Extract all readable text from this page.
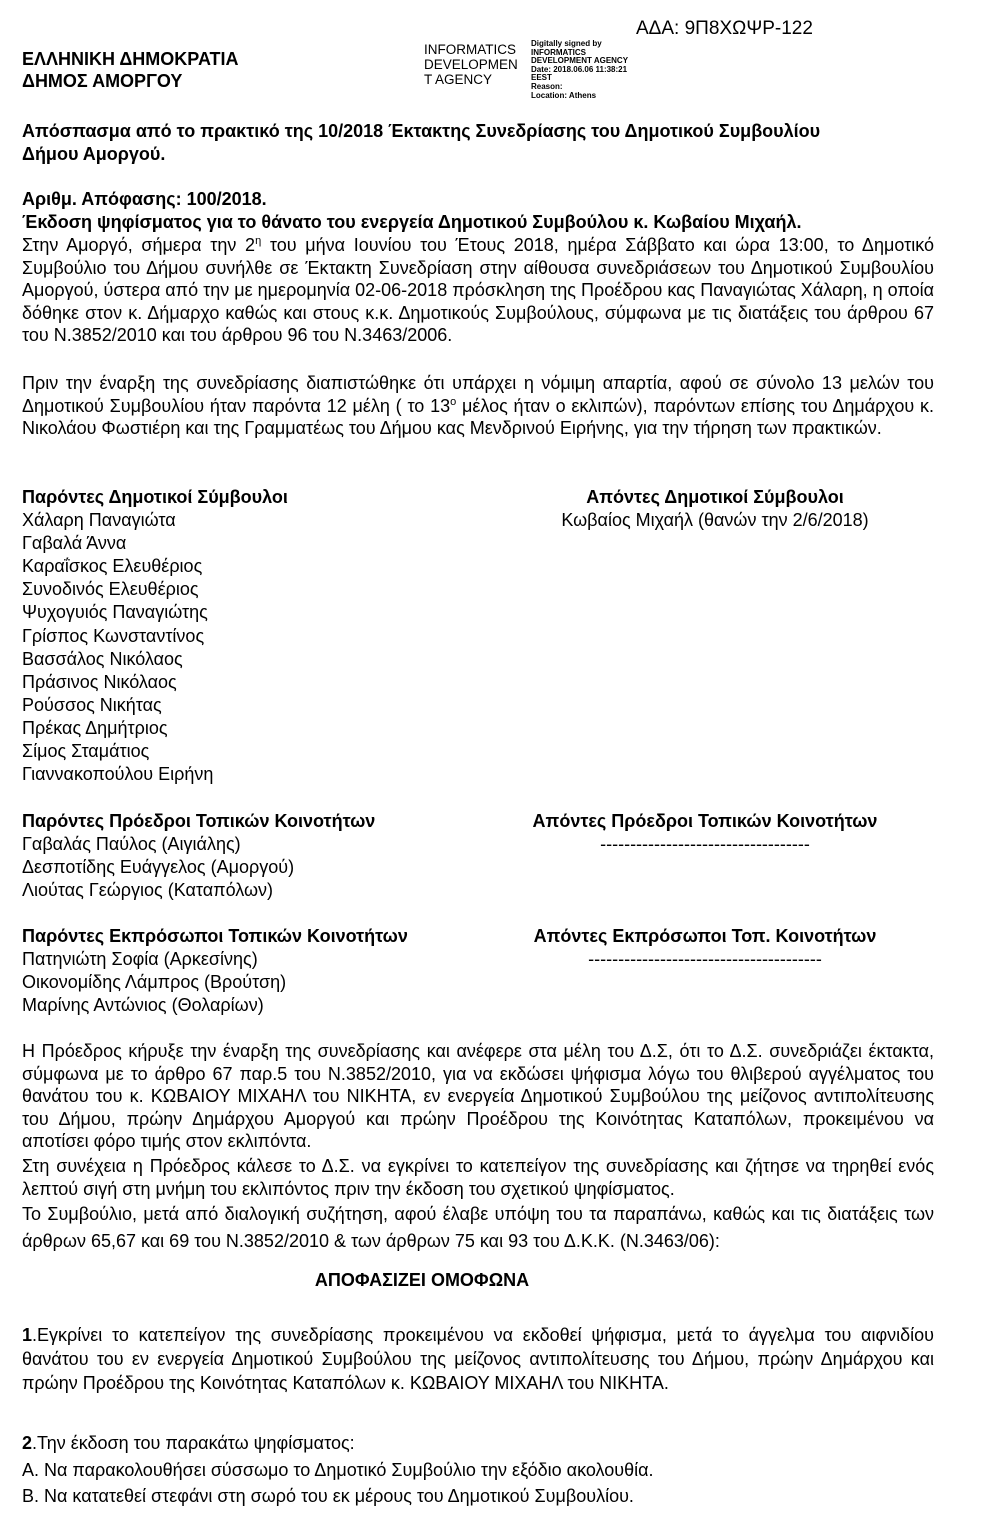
ΑΔΑ: 9Π8ΧΩΨΡ-122
ΕΛΛΗΝΙΚΗ ΔΗΜΟΚΡΑΤΙΑ
ΔΗΜΟΣ ΑΜΟΡΓΟΥ
INFORMATICS
DEVELOPMEN
T AGENCY
Digitally signed by
INFORMATICS
DEVELOPMENT AGENCY
Date: 2018.06.06 11:38:21
EEST
Reason:
Location: Athens
Απόσπασμα από το πρακτικό της 10/2018 Έκτακτης Συνεδρίασης του Δημοτικού Συμβουλίου
Δήμου Αμοργού.
Αριθμ. Απόφασης: 100/2018.
Έκδοση ψηφίσματος για το θάνατο του ενεργεία Δημοτικού Συμβούλου κ. Κωβαίου Μιχαήλ.
Στην Αμοργό, σήμερα την $2^\eta$ του μήνα Ιουνίου του Έτους 2018, ημέρα Σάββατο και ώρα 13:00, το Δημοτικό Συμβούλιο του Δήμου συνήλθε σε Έκτακτη Συνεδρίαση στην αίθουσα συνεδριάσεων του Δημοτικού Συμβουλίου Αμοργού, ύστερα από την με ημερομηνία 02-06-2018 πρόσκληση της Προέδρου κας Παναγιώτας Χάλαρη, η οποία δόθηκε στον κ. Δήμαρχο καθώς και στους κ.κ. Δημοτικούς Συμβούλους, σύμφωνα με τις διατάξεις του άρθρου 67 του Ν.3852/2010 και του άρθρου 96 του Ν.3463/2006.
Πριν την έναρξη της συνεδρίασης διαπιστώθηκε ότι υπάρχει η νόμιμη απαρτία, αφού σε σύνολο 13 μελών του Δημοτικού Συμβουλίου ήταν παρόντα 12 μέλη ( το $13^o$ μέλος ήταν ο εκλιπών), παρόντων επίσης του Δημάρχου κ. Νικολάου Φωστιέρη και της Γραμματέως του Δήμου κας Μενδρινού Ειρήνης, για την τήρηση των πρακτικών.
Παρόντες Δημοτικοί Σύμβουλοι
Χάλαρη Παναγιώτα
Γαβαλά Άννα
Καραΐσκος Ελευθέριος
Συνοδινός Ελευθέριος
Ψυχογυιός Παναγιώτης
Γρίσπος Κωνσταντίνος
Βασσάλος Νικόλαος
Πράσινος Νικόλαος
Ρούσσος Νικήτας
Πρέκας Δημήτριος
Σίμος Σταμάτιος
Γιαννακοπούλου Ειρήνη
Απόντες Δημοτικοί Σύμβουλοι
Κωβαίος Μιχαήλ (θανών την 2/6/2018)
Παρόντες Πρόεδροι Τοπικών Κοινοτήτων
Γαβαλάς Παύλος (Αιγιάλης)
Δεσποτίδης Ευάγγελος (Αμοργού)
Λιούτας Γεώργιος (Καταπόλων)
Απόντες Πρόεδροι Τοπικών Κοινοτήτων
-----------------------------------
Παρόντες Εκπρόσωποι Τοπικών Κοινοτήτων
Πατηνιώτη Σοφία (Αρκεσίνης)
Οικονομίδης Λάμπρος (Βρούτση)
Μαρίνης Αντώνιος (Θολαρίων)
Απόντες Εκπρόσωποι Τοπ. Κοινοτήτων
---------------------------------------
Η Πρόεδρος κήρυξε την έναρξη της συνεδρίασης και ανέφερε στα μέλη του Δ.Σ, ότι το Δ.Σ. συνεδριάζει έκτακτα, σύμφωνα με το άρθρο 67 παρ.5 του Ν.3852/2010, για να εκδώσει ψήφισμα λόγω του θλιβερού αγγέλματος του θανάτου του κ. ΚΩΒΑΙΟΥ ΜΙΧΑΗΛ του ΝΙΚΗΤΑ, εν ενεργεία Δημοτικού Συμβούλου της μείζονος αντιπολίτευσης του Δήμου, πρώην Δημάρχου Αμοργού και πρώην Προέδρου της Κοινότητας Καταπόλων, προκειμένου να αποτίσει φόρο τιμής στον εκλιπόντα.
Στη συνέχεια η Πρόεδρος κάλεσε το Δ.Σ. να εγκρίνει το κατεπείγον της συνεδρίασης και ζήτησε να τηρηθεί ενός λεπτού σιγή στη μνήμη του εκλιπόντος πριν την έκδοση του σχετικού ψηφίσματος.
Το Συμβούλιο, μετά από διαλογική συζήτηση, αφού έλαβε υπόψη του τα παραπάνω, καθώς και τις διατάξεις των άρθρων 65,67 και 69 του Ν.3852/2010 & των άρθρων 75 και 93 του Δ.Κ.Κ. (Ν.3463/06):
ΑΠΟΦΑΣΙΖΕΙ ΟΜΟΦΩΝΑ
1.Εγκρίνει το κατεπείγον της συνεδρίασης προκειμένου να εκδοθεί ψήφισμα, μετά το άγγελμα του αιφνιδίου θανάτου του εν ενεργεία Δημοτικού Συμβούλου της μείζονος αντιπολίτευσης του Δήμου, πρώην Δημάρχου και πρώην Προέδρου της Κοινότητας Καταπόλων κ. ΚΩΒΑΙΟΥ ΜΙΧΑΗΛ του ΝΙΚΗΤΑ.
2.Την έκδοση του παρακάτω ψηφίσματος:
Α. Να παρακολουθήσει σύσσωμο το Δημοτικό Συμβούλιο την εξόδιο ακολουθία.
Β. Να κατατεθεί στεφάνι στη σωρό του εκ μέρους του Δημοτικού Συμβουλίου.
